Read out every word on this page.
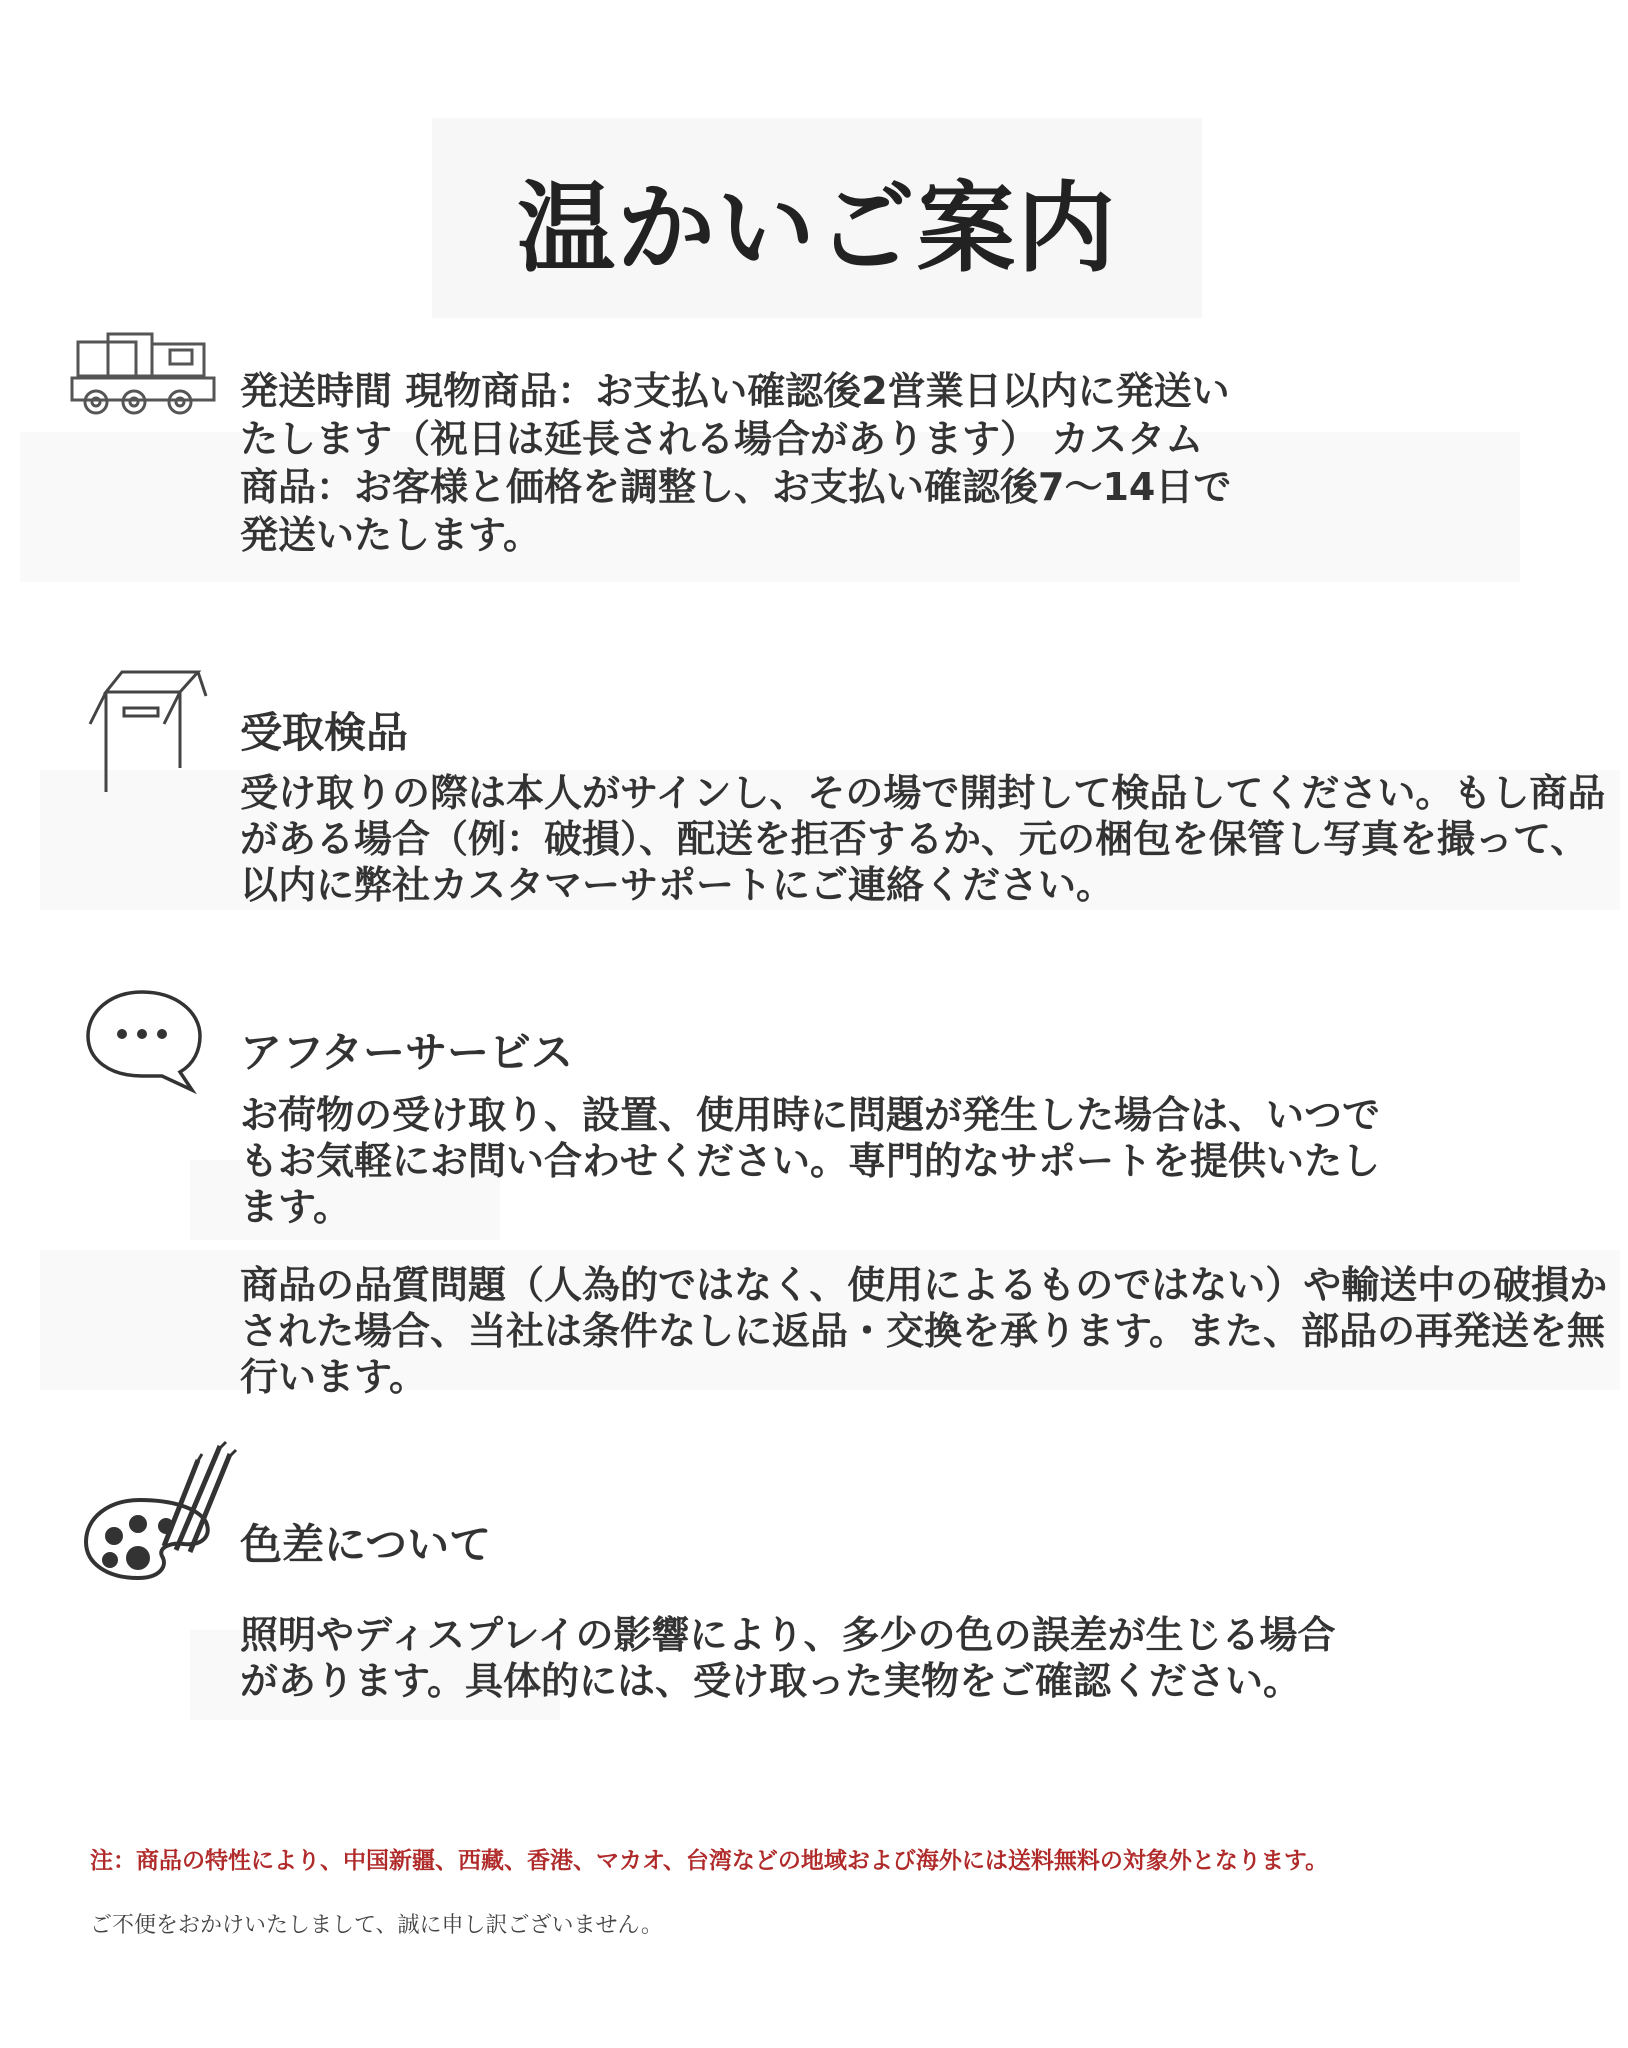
温かいご案内

発送時間 現物商品：お支払い確認後2営業日以内に発送い

たします（祝日は延長される場合があります） カスタム

商品：お客様と価格を調整し、お支払い確認後7〜14日で

発送いたします。

受取検品

受け取りの際は本人がサインし、その場で開封して検品してください。もし商品

がある場合（例：破損）、配送を拒否するか、元の梱包を保管し写真を撮って、

以内に弊社カスタマーサポートにご連絡ください。

アフターサービス

お荷物の受け取り、設置、使用時に問題が発生した場合は、いつで

もお気軽にお問い合わせください。専門的なサポートを提供いたし

ます。

商品の品質問題（人為的ではなく、使用によるものではない）や輸送中の破損か

された場合、当社は条件なしに返品・交換を承ります。また、部品の再発送を無

行います。

色差について

照明やディスプレイの影響により、多少の色の誤差が生じる場合

があります。具体的には、受け取った実物をご確認ください。

注：商品の特性により、中国新疆、西藏、香港、マカオ、台湾などの地域および海外には送料無料の対象外となります。
ご不便をおかけいたしまして、誠に申し訳ございません。
